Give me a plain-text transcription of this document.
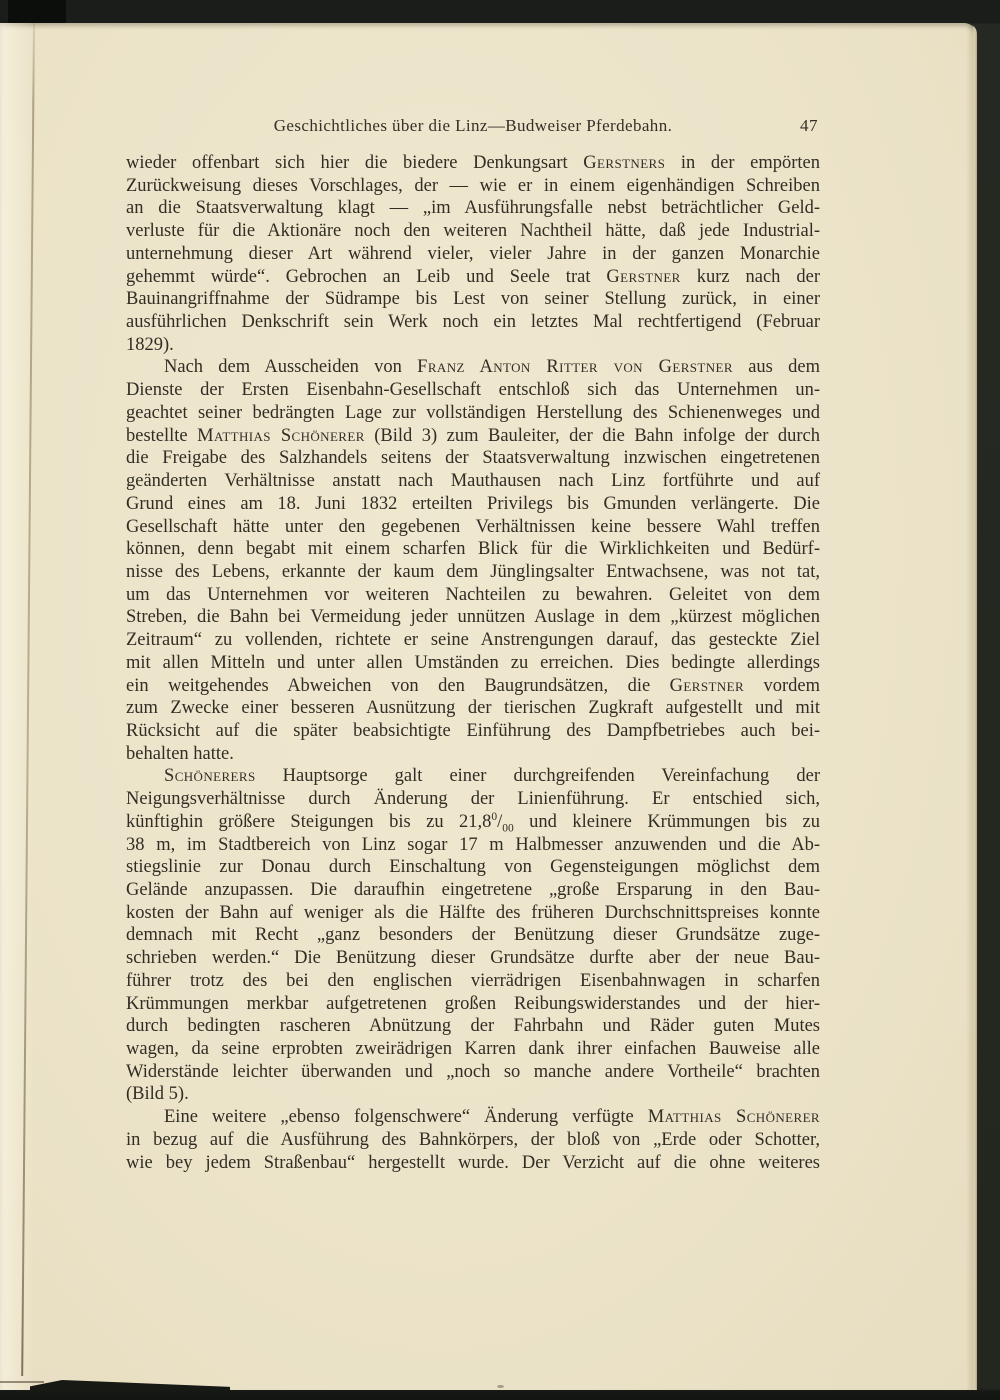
Geschichtliches über die Linz—Budweiser Pferdebahn.	47
wieder offenbart sich hier die biedere Denkungsart Gerstners in der empörten
Zurückweisung dieses Vorschlages, der — wie er in einem eigenhändigen Schreiben
an die Staatsverwaltung klagt — „im Ausführungsfalle nebst beträchtlicher Geld-
verluste für die Aktionäre noch den weiteren Nachtheil hätte, daß jede Industrial-
unternehmung dieser Art während vieler, vieler Jahre in der ganzen Monarchie
gehemmt würde“. Gebrochen an Leib und Seele trat Gerstner kurz nach der
Bauinangriffnahme der Südrampe bis Lest von seiner Stellung zurück, in einer
ausführlichen Denkschrift sein Werk noch ein letztes Mal rechtfertigend (Februar
1829).
Nach dem Ausscheiden von Franz Anton Ritter von Gerstner aus dem
Dienste der Ersten Eisenbahn-Gesellschaft entschloß sich das Unternehmen un-
geachtet seiner bedrängten Lage zur vollständigen Herstellung des Schienenweges und
bestellte Matthias Schönerer (Bild 3) zum Bauleiter, der die Bahn infolge der durch
die Freigabe des Salzhandels seitens der Staatsverwaltung inzwischen eingetretenen
geänderten Verhältnisse anstatt nach Mauthausen nach Linz fortführte und auf
Grund eines am 18. Juni 1832 erteilten Privilegs bis Gmunden verlängerte. Die
Gesellschaft hätte unter den gegebenen Verhältnissen keine bessere Wahl treffen
können, denn begabt mit einem scharfen Blick für die Wirklichkeiten und Bedürf-
nisse des Lebens, erkannte der kaum dem Jünglingsalter Entwachsene, was not tat,
um das Unternehmen vor weiteren Nachteilen zu bewahren. Geleitet von dem
Streben, die Bahn bei Vermeidung jeder unnützen Auslage in dem „kürzest möglichen
Zeitraum“ zu vollenden, richtete er seine Anstrengungen darauf, das gesteckte Ziel
mit allen Mitteln und unter allen Umständen zu erreichen. Dies bedingte allerdings
ein weitgehendes Abweichen von den Baugrundsätzen, die Gerstner vordem
zum Zwecke einer besseren Ausnützung der tierischen Zugkraft aufgestellt und mit
Rücksicht auf die später beabsichtigte Einführung des Dampfbetriebes auch bei-
behalten hatte.
Schönerers Hauptsorge galt einer durchgreifenden Vereinfachung der
Neigungsverhältnisse durch Änderung der Linienführung. Er entschied sich,
künftighin größere Steigungen bis zu $21,8^0/_{00}$ und kleinere Krümmungen bis zu
38 m, im Stadtbereich von Linz sogar 17 m Halbmesser anzuwenden und die Ab-
stiegslinie zur Donau durch Einschaltung von Gegensteigungen möglichst dem
Gelände anzupassen. Die daraufhin eingetretene „große Ersparung in den Bau-
kosten der Bahn auf weniger als die Hälfte des früheren Durchschnittspreises konnte
demnach mit Recht „ganz besonders der Benützung dieser Grundsätze zuge-
schrieben werden.“ Die Benützung dieser Grundsätze durfte aber der neue Bau-
führer trotz des bei den englischen vierrädrigen Eisenbahnwagen in scharfen
Krümmungen merkbar aufgetretenen großen Reibungswiderstandes und der hier-
durch bedingten rascheren Abnützung der Fahrbahn und Räder guten Mutes
wagen, da seine erprobten zweirädrigen Karren dank ihrer einfachen Bauweise alle
Widerstände leichter überwanden und „noch so manche andere Vortheile“ brachten
(Bild 5).
Eine weitere „ebenso folgenschwere“ Änderung verfügte Matthias Schönerer
in bezug auf die Ausführung des Bahnkörpers, der bloß von „Erde oder Schotter,
wie bey jedem Straßenbau“ hergestellt wurde. Der Verzicht auf die ohne weiteres
